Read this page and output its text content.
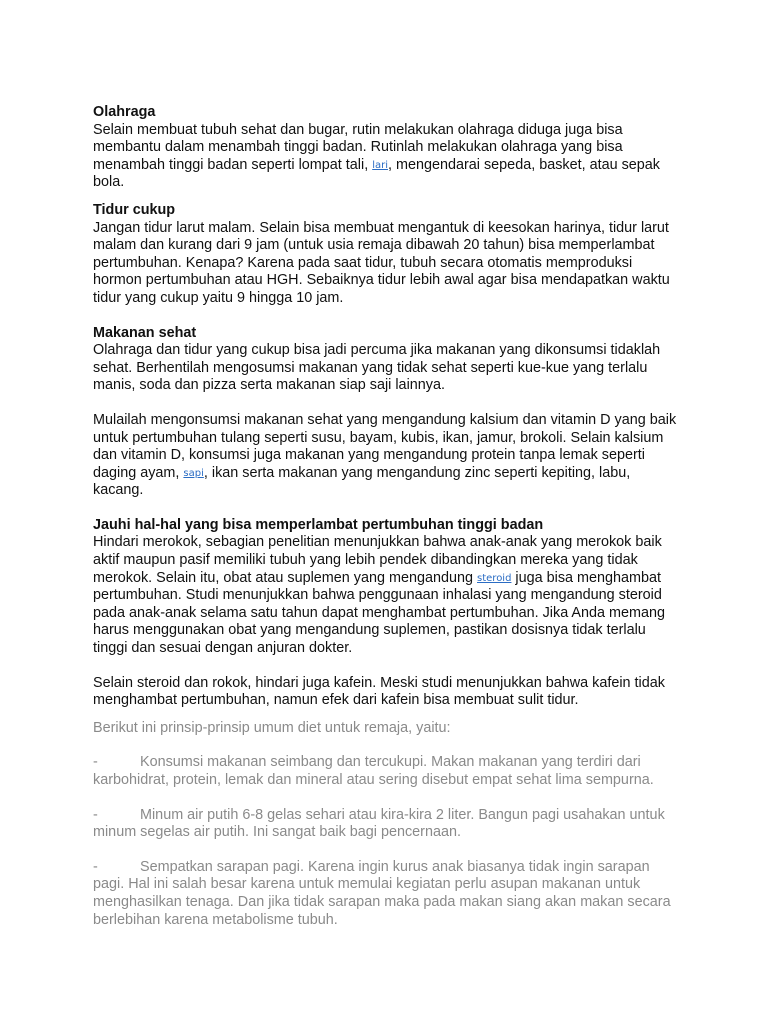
Olahraga

Selain membuat tubuh sehat dan bugar, rutin melakukan olahraga diduga juga bisa membantu dalam menambah tinggi badan. Rutinlah melakukan olahraga yang bisa menambah tinggi badan seperti lompat tali, lari, mengendarai sepeda, basket, atau sepak bola.

Tidur cukup

Jangan tidur larut malam. Selain bisa membuat mengantuk di keesokan harinya, tidur larut malam dan kurang dari 9 jam (untuk usia remaja dibawah 20 tahun) bisa memperlambat pertumbuhan. Kenapa? Karena pada saat tidur, tubuh secara otomatis memproduksi hormon pertumbuhan atau HGH. Sebaiknya tidur lebih awal agar bisa mendapatkan waktu tidur yang cukup yaitu 9 hingga 10 jam.

Makanan sehat

Olahraga dan tidur yang cukup bisa jadi percuma jika makanan yang dikonsumsi tidaklah sehat. Berhentilah mengosumsi makanan yang tidak sehat seperti kue-kue yang terlalu manis, soda dan pizza serta makanan siap saji lainnya.

Mulailah mengonsumsi makanan sehat yang mengandung kalsium dan vitamin D yang baik untuk pertumbuhan tulang seperti susu, bayam, kubis, ikan, jamur, brokoli. Selain kalsium dan vitamin D, konsumsi juga makanan yang mengandung protein tanpa lemak seperti daging ayam, sapi, ikan serta makanan yang mengandung zinc seperti kepiting, labu, kacang.

Jauhi hal-hal yang bisa memperlambat pertumbuhan tinggi badan

Hindari merokok, sebagian penelitian menunjukkan bahwa anak-anak yang merokok baik aktif maupun pasif memiliki tubuh yang lebih pendek dibandingkan mereka yang tidak merokok. Selain itu, obat atau suplemen yang mengandung steroid juga bisa menghambat pertumbuhan. Studi menunjukkan bahwa penggunaan inhalasi yang mengandung steroid pada anak-anak selama satu tahun dapat menghambat pertumbuhan. Jika Anda memang harus menggunakan obat yang mengandung suplemen, pastikan dosisnya tidak terlalu tinggi dan sesuai dengan anjuran dokter.

Selain steroid dan rokok, hindari juga kafein. Meski studi menunjukkan bahwa kafein tidak menghambat pertumbuhan, namun efek dari kafein bisa membuat sulit tidur.

Berikut ini prinsip-prinsip umum diet untuk remaja, yaitu:

-	Konsumsi makanan seimbang dan tercukupi. Makan makanan yang terdiri dari karbohidrat, protein, lemak dan mineral atau sering disebut empat sehat lima sempurna.

-	Minum air putih 6-8 gelas sehari atau kira-kira 2 liter. Bangun pagi usahakan untuk minum segelas air putih. Ini sangat baik bagi pencernaan.

-	Sempatkan sarapan pagi. Karena ingin kurus anak biasanya tidak ingin sarapan pagi. Hal ini salah besar karena untuk memulai kegiatan perlu asupan makanan untuk menghasilkan tenaga. Dan jika tidak sarapan maka pada makan siang akan makan secara berlebihan karena metabolisme tubuh.
